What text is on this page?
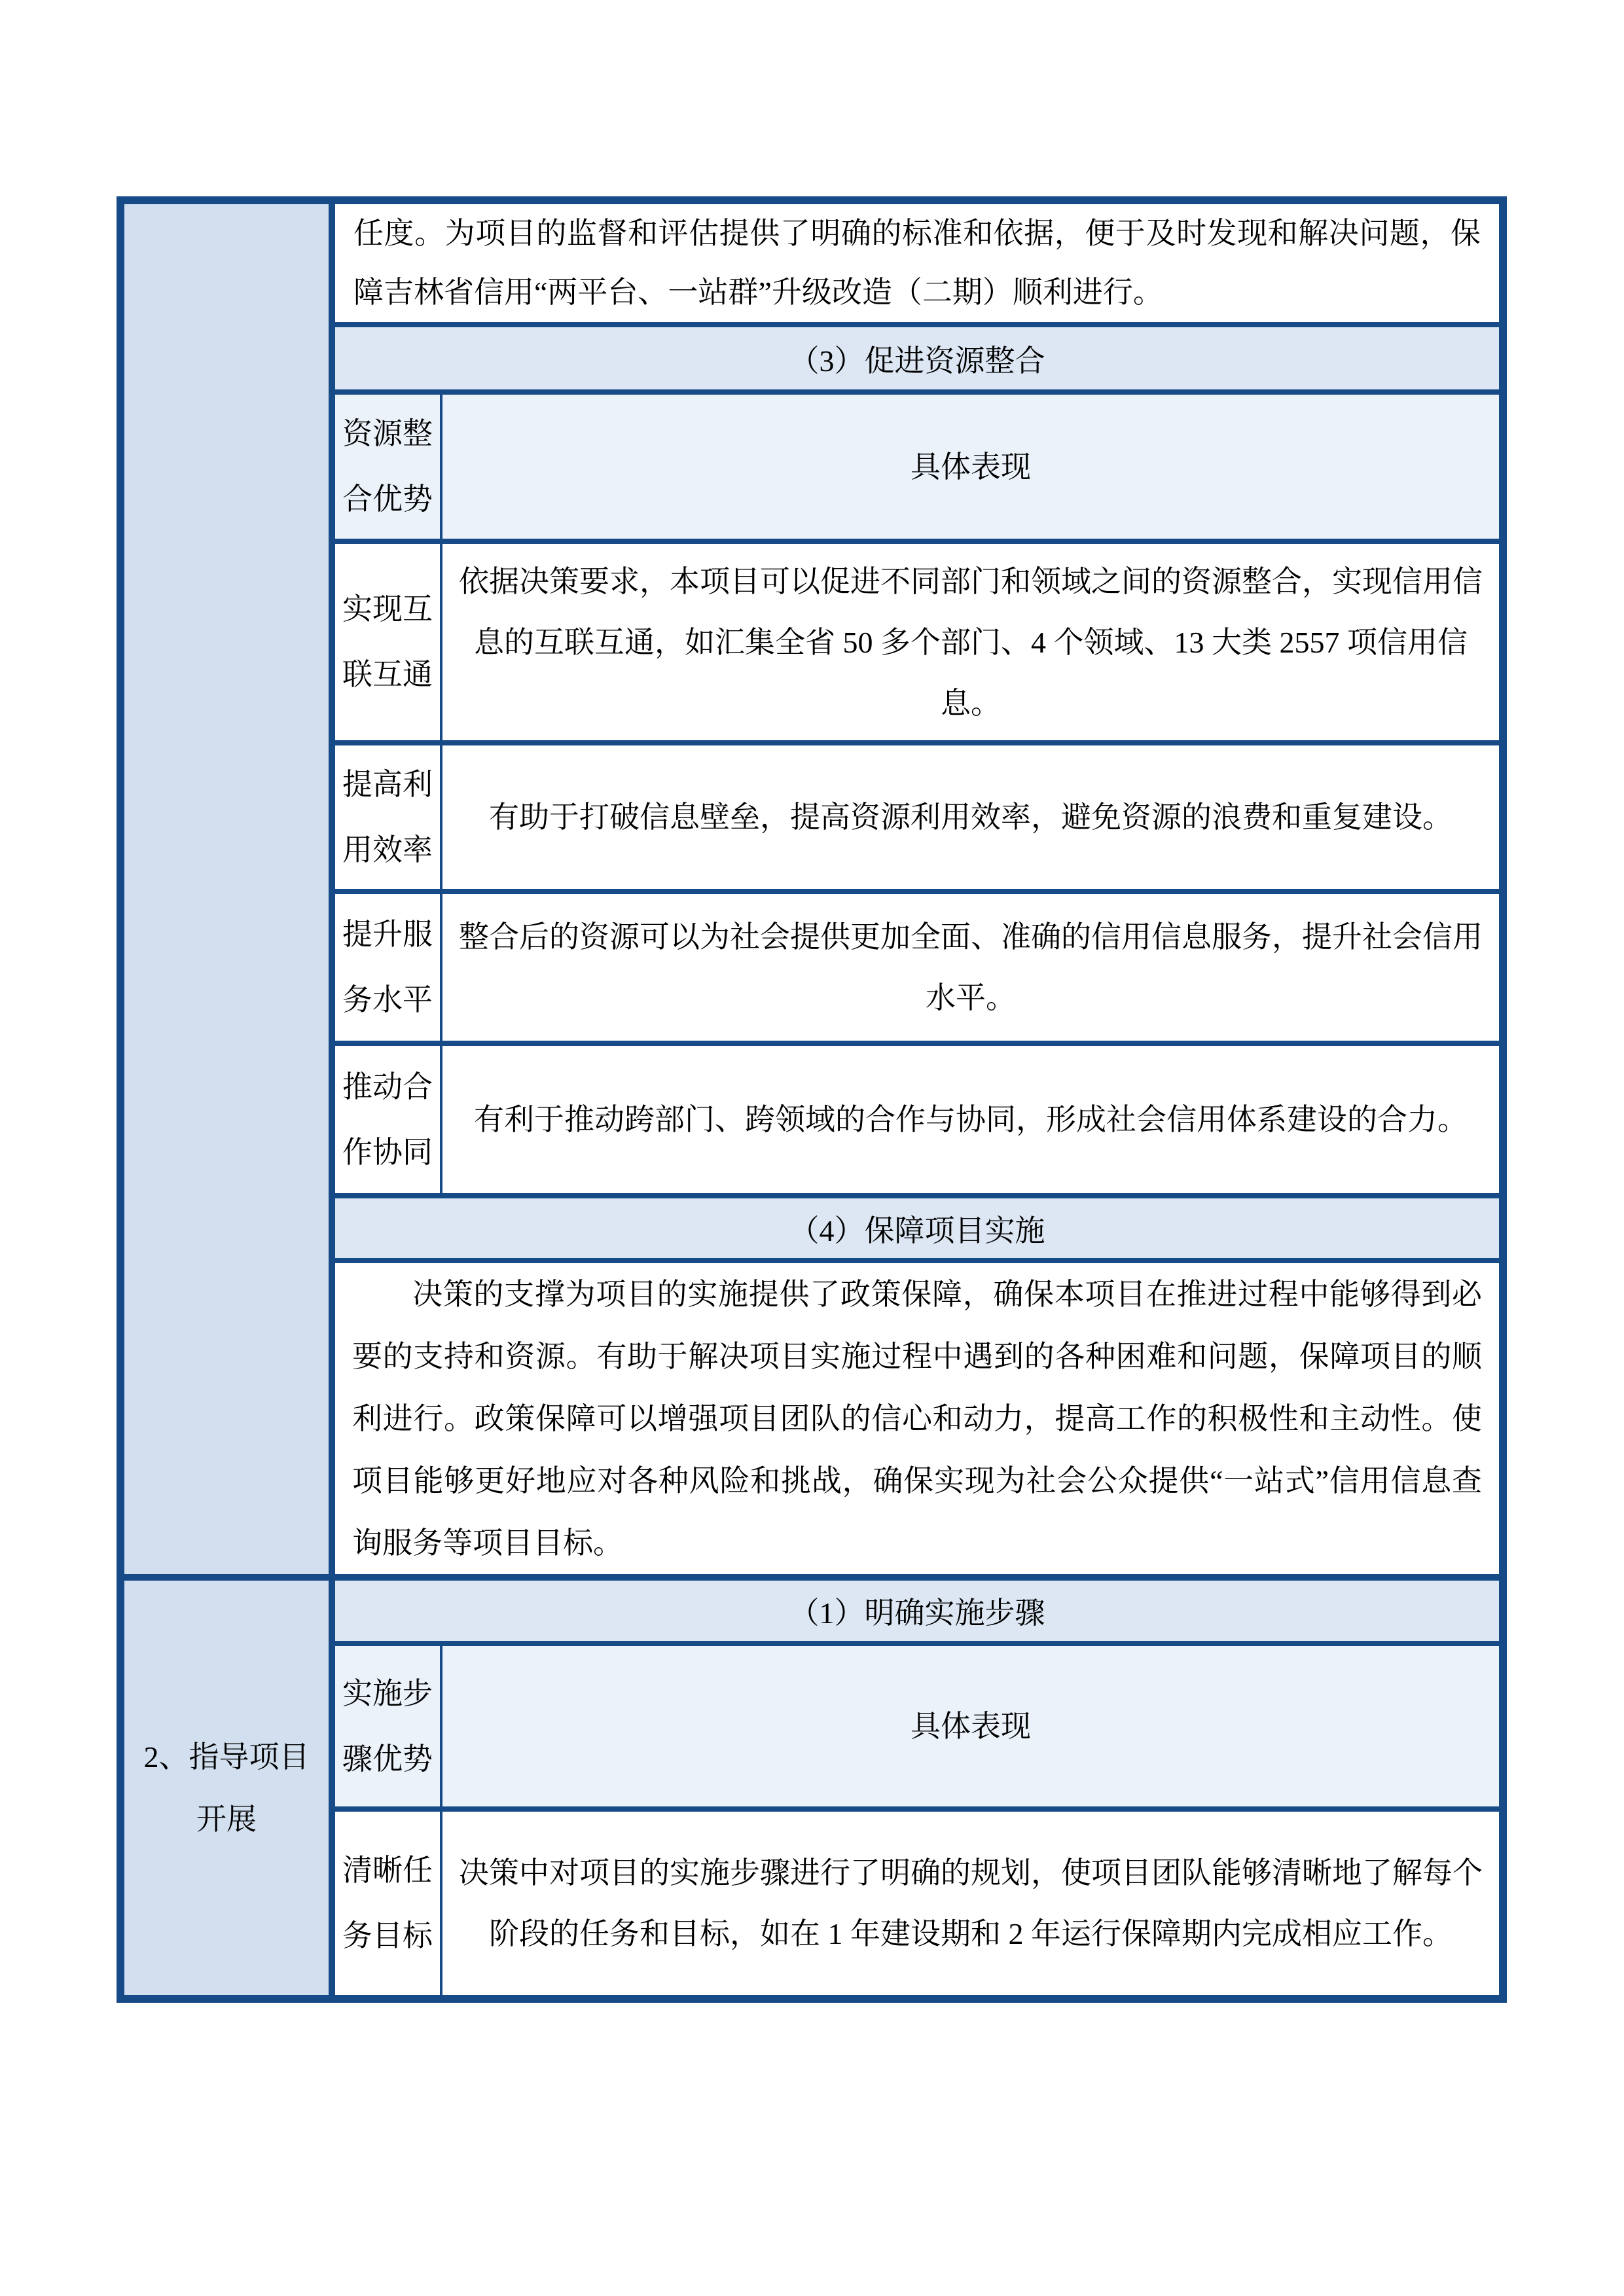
任度。为项目的监督和评估提供了明确的标准和依据，便于及时发现和解决问题，保障吉林省信用“两平台、一站群”升级改造（二期）顺利进行。
（3）促进资源整合
资源整合优势
具体表现
实现互联互通
依据决策要求，本项目可以促进不同部门和领域之间的资源整合，实现信用信息的互联互通，如汇集全省 50 多个部门、4 个领域、13 大类 2557 项信用信息。
提高利用效率
有助于打破信息壁垒，提高资源利用效率，避免资源的浪费和重复建设。
提升服务水平
整合后的资源可以为社会提供更加全面、准确的信用信息服务，提升社会信用水平。
推动合作协同
有利于推动跨部门、跨领域的合作与协同，形成社会信用体系建设的合力。
（4）保障项目实施
决策的支撑为项目的实施提供了政策保障，确保本项目在推进过程中能够得到必要的支持和资源。有助于解决项目实施过程中遇到的各种困难和问题，保障项目的顺利进行。政策保障可以增强项目团队的信心和动力，提高工作的积极性和主动性。使项目能够更好地应对各种风险和挑战，确保实现为社会公众提供“一站式”信用信息查询服务等项目目标。
2、指导项目开展
（1）明确实施步骤
实施步骤优势
具体表现
清晰任务目标
决策中对项目的实施步骤进行了明确的规划，使项目团队能够清晰地了解每个阶段的任务和目标，如在 1 年建设期和 2 年运行保障期内完成相应工作。
